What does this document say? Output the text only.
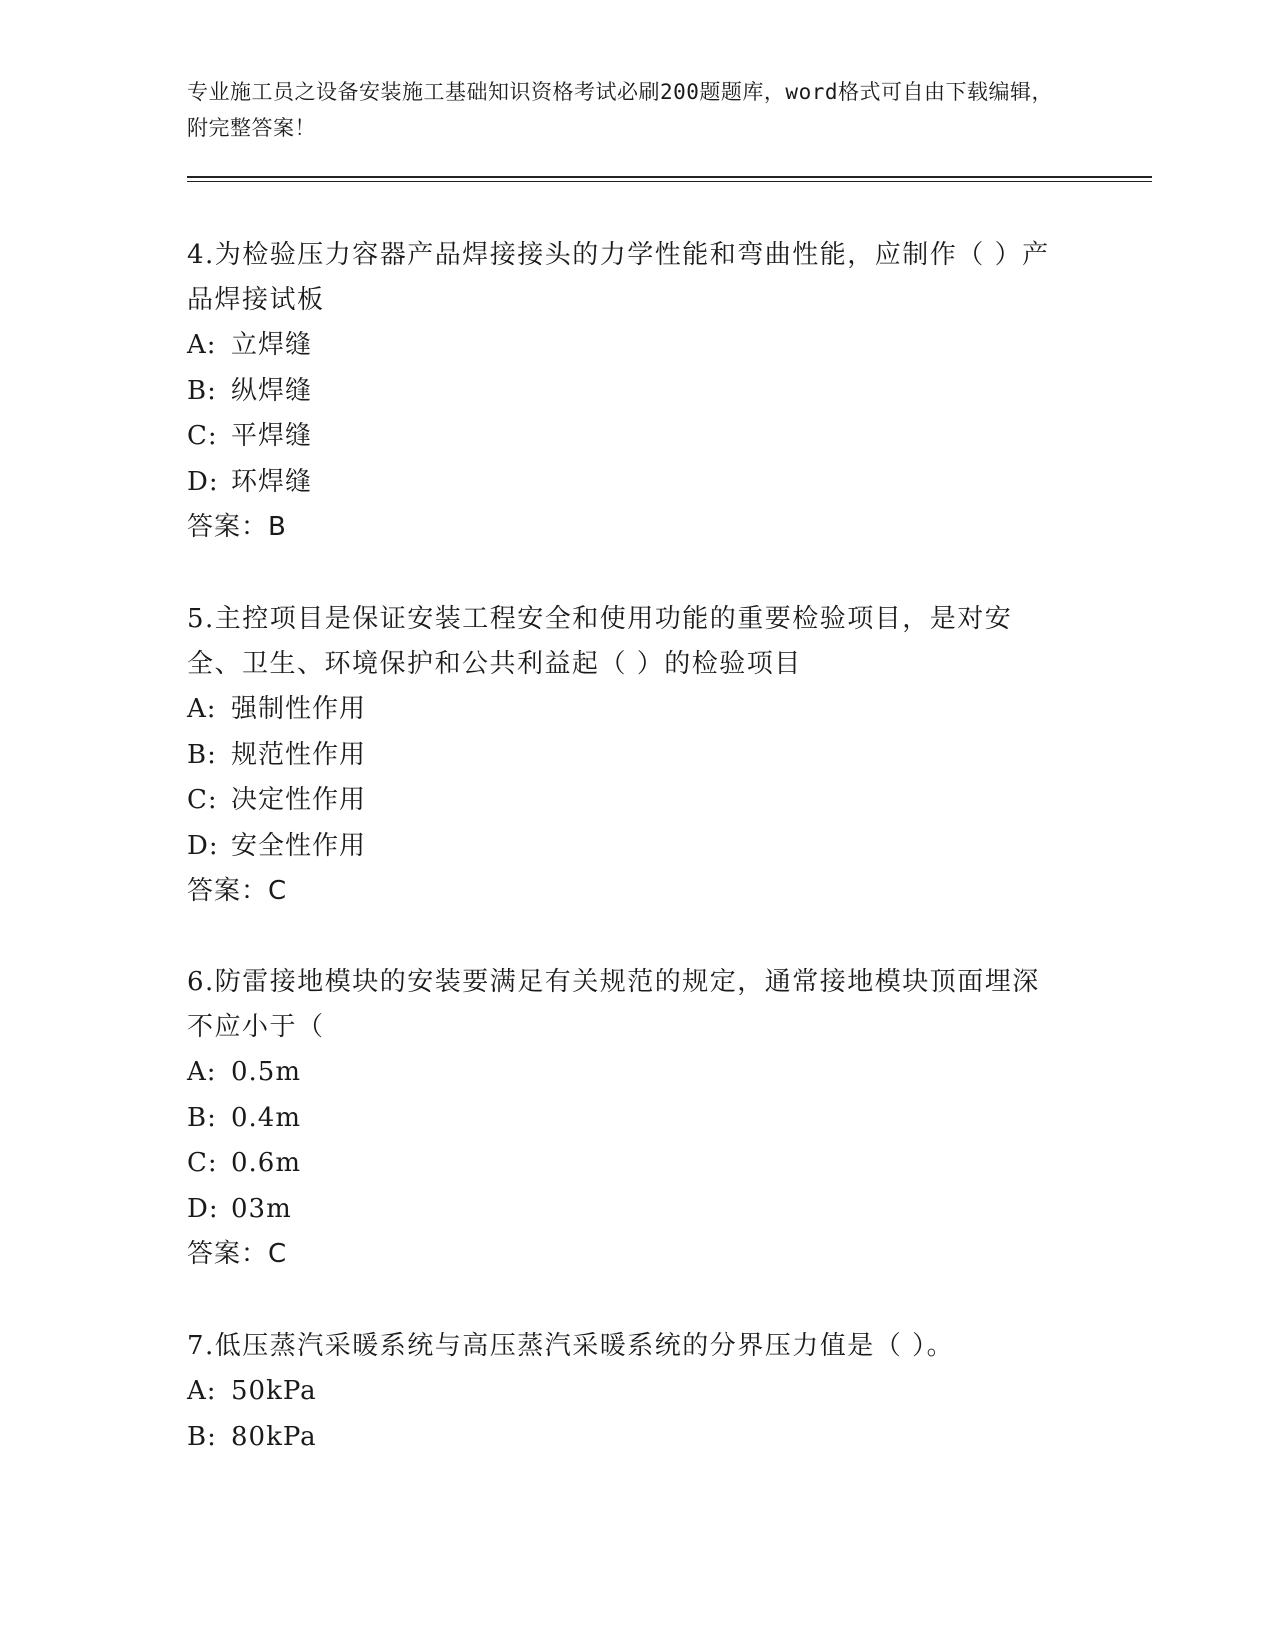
专业施工员之设备安装施工基础知识资格考试必刷200题题库，word格式可自由下载编辑，附完整答案！

4.为检验压力容器产品焊接接头的力学性能和弯曲性能，应制作（ ）产品焊接试板

A: 立焊缝
B: 纵焊缝
C: 平焊缝
D: 环焊缝
答案：B

5.主控项目是保证安装工程安全和使用功能的重要检验项目，是对安全、卫生、环境保护和公共利益起（ ）的检验项目

A: 强制性作用
B: 规范性作用
C: 决定性作用
D: 安全性作用
答案：C

6.防雷接地模块的安装要满足有关规范的规定，通常接地模块顶面埋深不应小于（

A: 0.5m
B: 0.4m
C: 0.6m
D: 03m
答案：C

7.低压蒸汽采暖系统与高压蒸汽采暖系统的分界压力值是（ ）。

A: 50kPa
B: 80kPa
